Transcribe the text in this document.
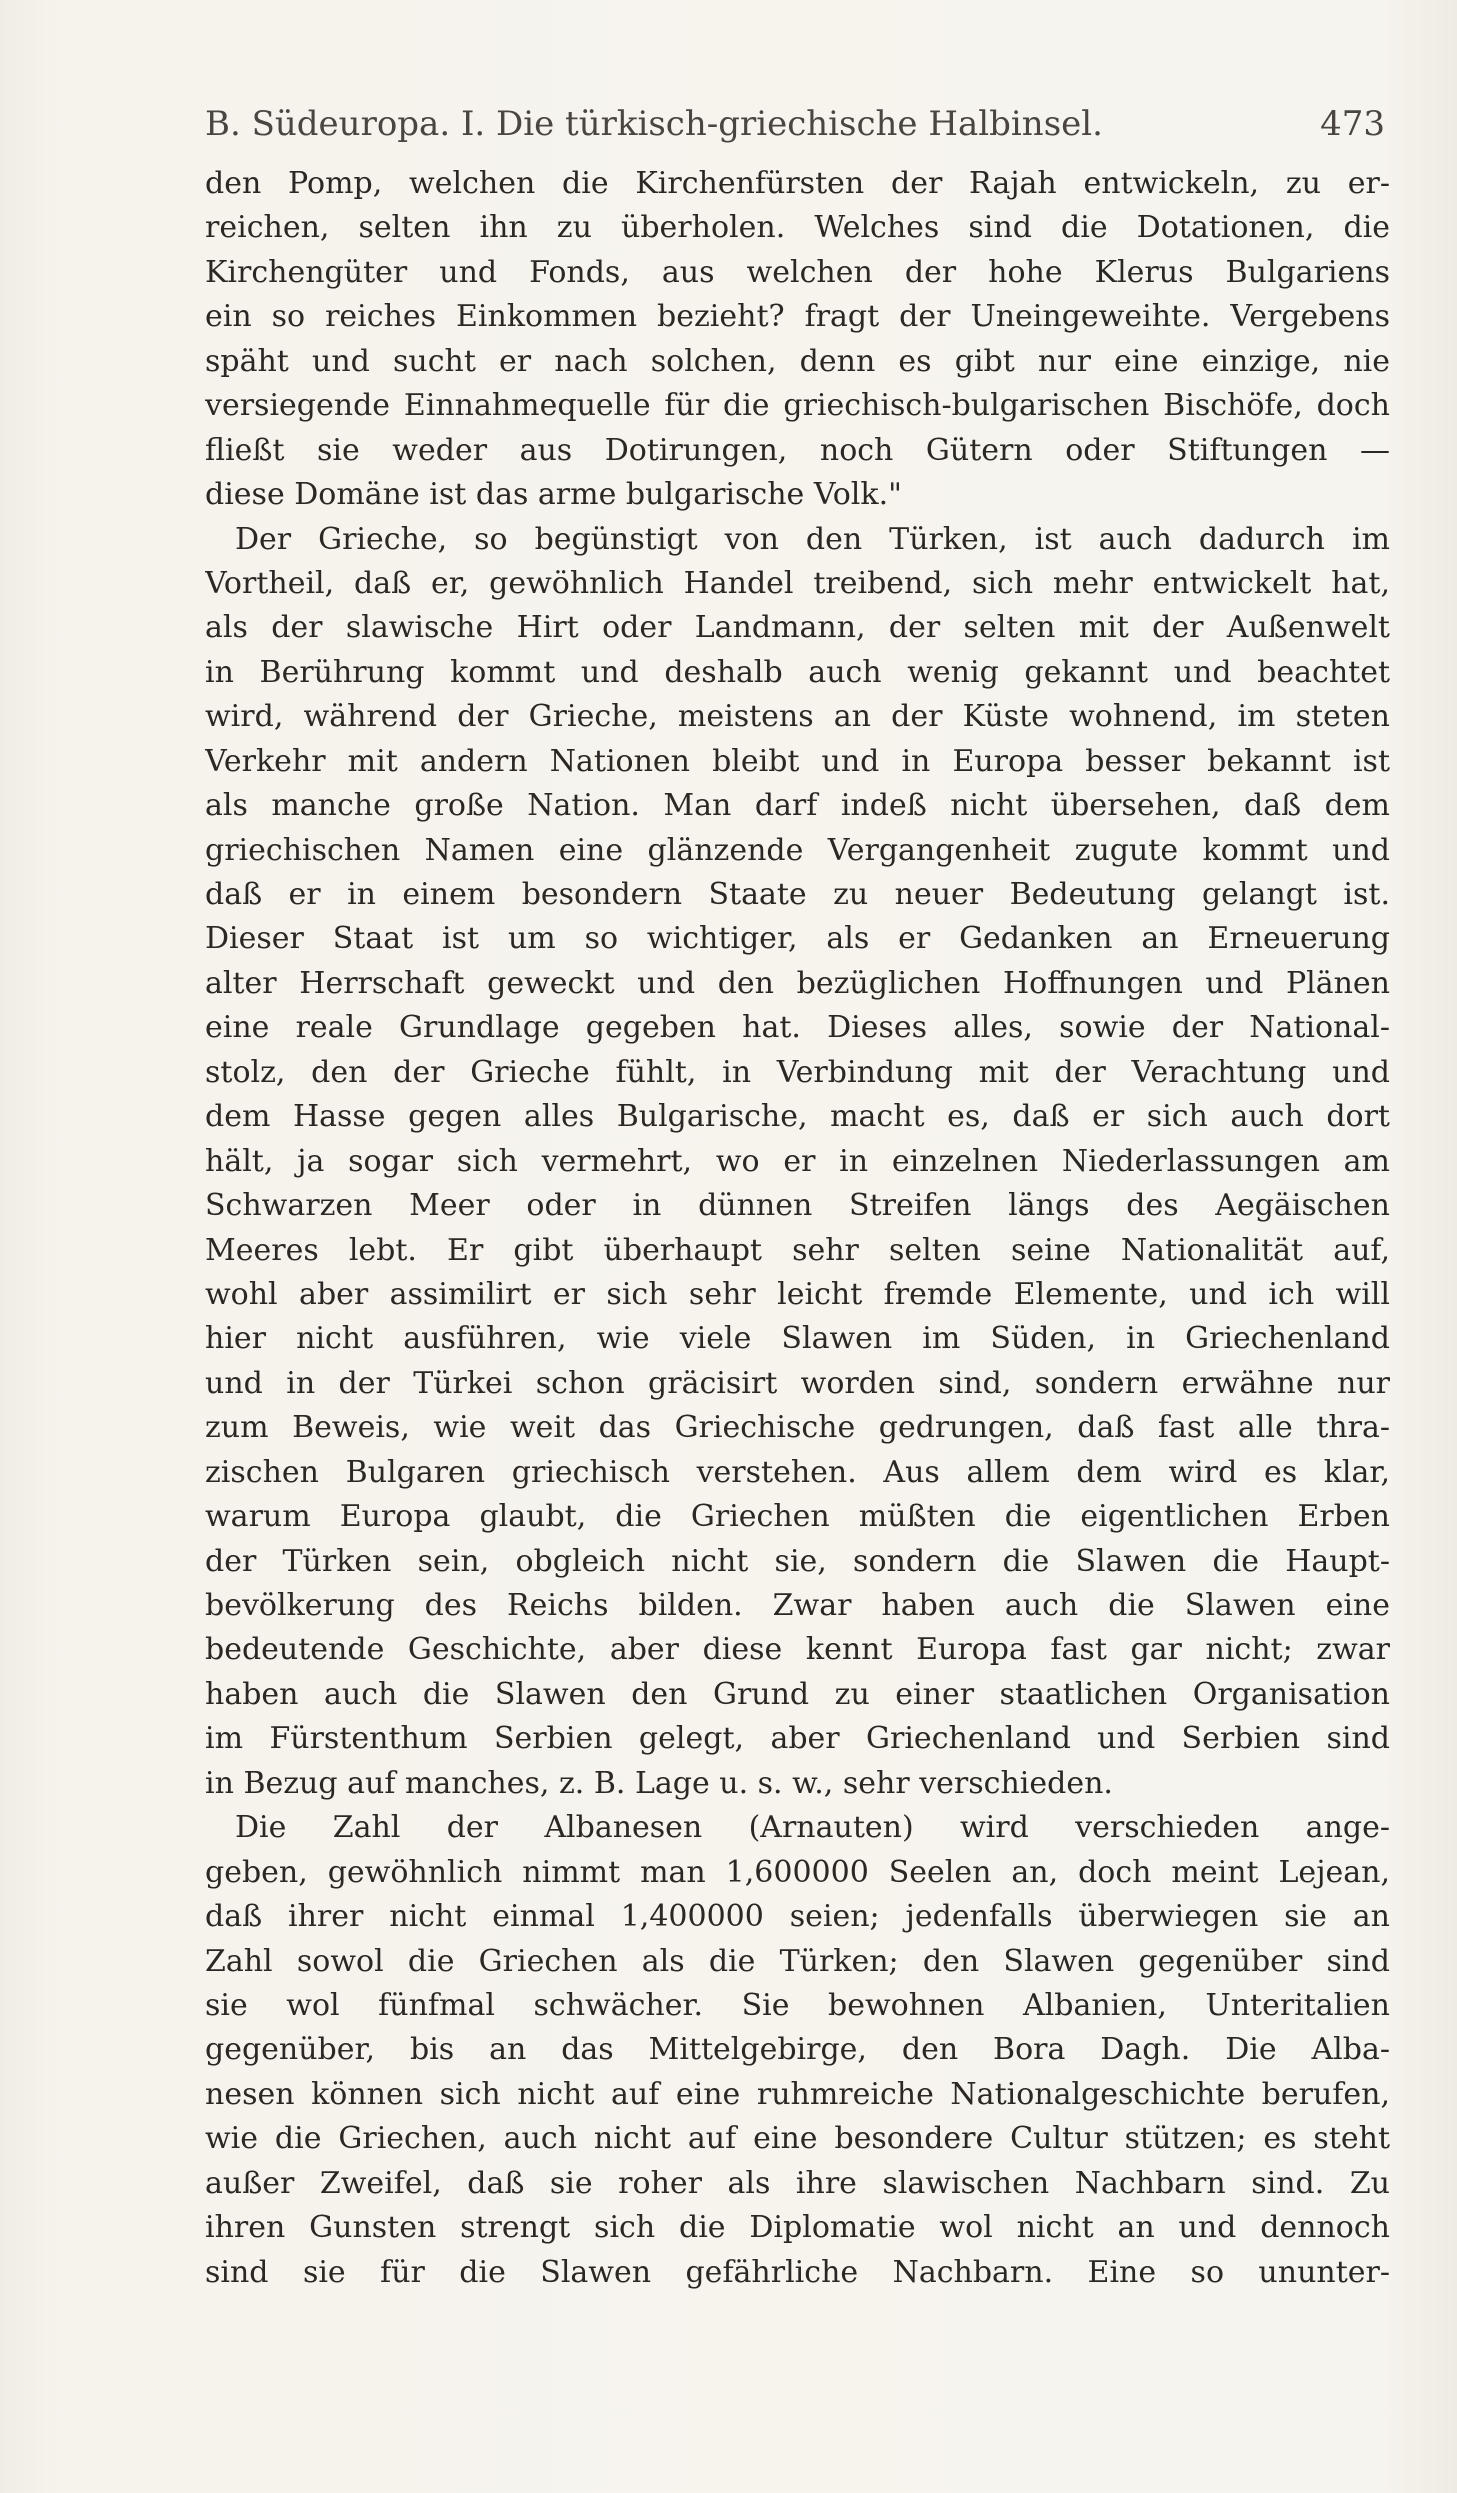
B. Südeuropa. I. Die türkisch-griechische Halbinsel.	473
den Pomp, welchen die Kirchenfürsten der Rajah entwickeln, zu er-
reichen, selten ihn zu überholen. Welches sind die Dotationen, die
Kirchengüter und Fonds, aus welchen der hohe Klerus Bulgariens
ein so reiches Einkommen bezieht? fragt der Uneingeweihte. Vergebens
späht und sucht er nach solchen, denn es gibt nur eine einzige, nie
versiegende Einnahmequelle für die griechisch-bulgarischen Bischöfe, doch
fließt sie weder aus Dotirungen, noch Gütern oder Stiftungen —
diese Domäne ist das arme bulgarische Volk."
Der Grieche, so begünstigt von den Türken, ist auch dadurch im
Vortheil, daß er, gewöhnlich Handel treibend, sich mehr entwickelt hat,
als der slawische Hirt oder Landmann, der selten mit der Außenwelt
in Berührung kommt und deshalb auch wenig gekannt und beachtet
wird, während der Grieche, meistens an der Küste wohnend, im steten
Verkehr mit andern Nationen bleibt und in Europa besser bekannt ist
als manche große Nation. Man darf indeß nicht übersehen, daß dem
griechischen Namen eine glänzende Vergangenheit zugute kommt und
daß er in einem besondern Staate zu neuer Bedeutung gelangt ist.
Dieser Staat ist um so wichtiger, als er Gedanken an Erneuerung
alter Herrschaft geweckt und den bezüglichen Hoffnungen und Plänen
eine reale Grundlage gegeben hat. Dieses alles, sowie der National-
stolz, den der Grieche fühlt, in Verbindung mit der Verachtung und
dem Hasse gegen alles Bulgarische, macht es, daß er sich auch dort
hält, ja sogar sich vermehrt, wo er in einzelnen Niederlassungen am
Schwarzen Meer oder in dünnen Streifen längs des Aegäischen
Meeres lebt. Er gibt überhaupt sehr selten seine Nationalität auf,
wohl aber assimilirt er sich sehr leicht fremde Elemente, und ich will
hier nicht ausführen, wie viele Slawen im Süden, in Griechenland
und in der Türkei schon gräcisirt worden sind, sondern erwähne nur
zum Beweis, wie weit das Griechische gedrungen, daß fast alle thra-
zischen Bulgaren griechisch verstehen. Aus allem dem wird es klar,
warum Europa glaubt, die Griechen müßten die eigentlichen Erben
der Türken sein, obgleich nicht sie, sondern die Slawen die Haupt-
bevölkerung des Reichs bilden. Zwar haben auch die Slawen eine
bedeutende Geschichte, aber diese kennt Europa fast gar nicht; zwar
haben auch die Slawen den Grund zu einer staatlichen Organisation
im Fürstenthum Serbien gelegt, aber Griechenland und Serbien sind
in Bezug auf manches, z. B. Lage u. s. w., sehr verschieden.
Die Zahl der Albanesen (Arnauten) wird verschieden ange-
geben, gewöhnlich nimmt man 1,600000 Seelen an, doch meint Lejean,
daß ihrer nicht einmal 1,400000 seien; jedenfalls überwiegen sie an
Zahl sowol die Griechen als die Türken; den Slawen gegenüber sind
sie wol fünfmal schwächer. Sie bewohnen Albanien, Unteritalien
gegenüber, bis an das Mittelgebirge, den Bora Dagh. Die Alba-
nesen können sich nicht auf eine ruhmreiche Nationalgeschichte berufen,
wie die Griechen, auch nicht auf eine besondere Cultur stützen; es steht
außer Zweifel, daß sie roher als ihre slawischen Nachbarn sind. Zu
ihren Gunsten strengt sich die Diplomatie wol nicht an und dennoch
sind sie für die Slawen gefährliche Nachbarn. Eine so ununter-
